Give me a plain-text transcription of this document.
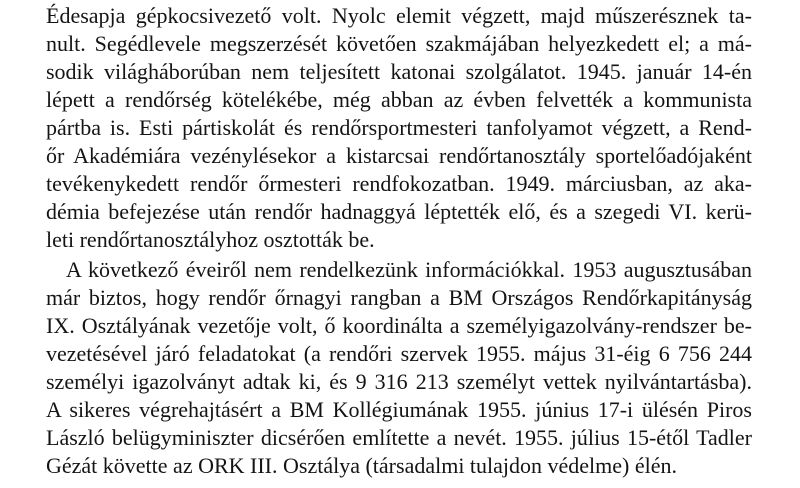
Édesapja gépkocsivezető volt. Nyolc elemit végzett, majd műszerésznek ta-
nult. Segédlevele megszerzését követően szakmájában helyezkedett el; a má-
sodik világháborúban nem teljesített katonai szolgálatot. 1945. január 14-én
lépett a rendőrség kötelékébe, még abban az évben felvették a kommunista
pártba is. Esti pártiskolát és rendőrsportmesteri tanfolyamot végzett, a Rend-
őr Akadémiára vezénylésekor a kistarcsai rendőrtanosztály sportelőadójaként
tevékenykedett rendőr őrmesteri rendfokozatban. 1949. márciusban, az aka-
démia befejezése után rendőr hadnaggyá léptették elő, és a szegedi VI. kerü-
leti rendőrtanosztályhoz osztották be.
A következő éveiről nem rendelkezünk információkkal. 1953 augusztusában
már biztos, hogy rendőr őrnagyi rangban a BM Országos Rendőrkapitányság
IX. Osztályának vezetője volt, ő koordinálta a személyigazolvány-rendszer be-
vezetésével járó feladatokat (a rendőri szervek 1955. május 31-éig 6 756 244
személyi igazolványt adtak ki, és 9 316 213 személyt vettek nyilvántartásba).
A sikeres végrehajtásért a BM Kollégiumának 1955. június 17-i ülésén Piros
László belügyminiszter dicsérően említette a nevét. 1955. július 15-étől Tadler
Gézát követte az ORK III. Osztálya (társadalmi tulajdon védelme) élén.
